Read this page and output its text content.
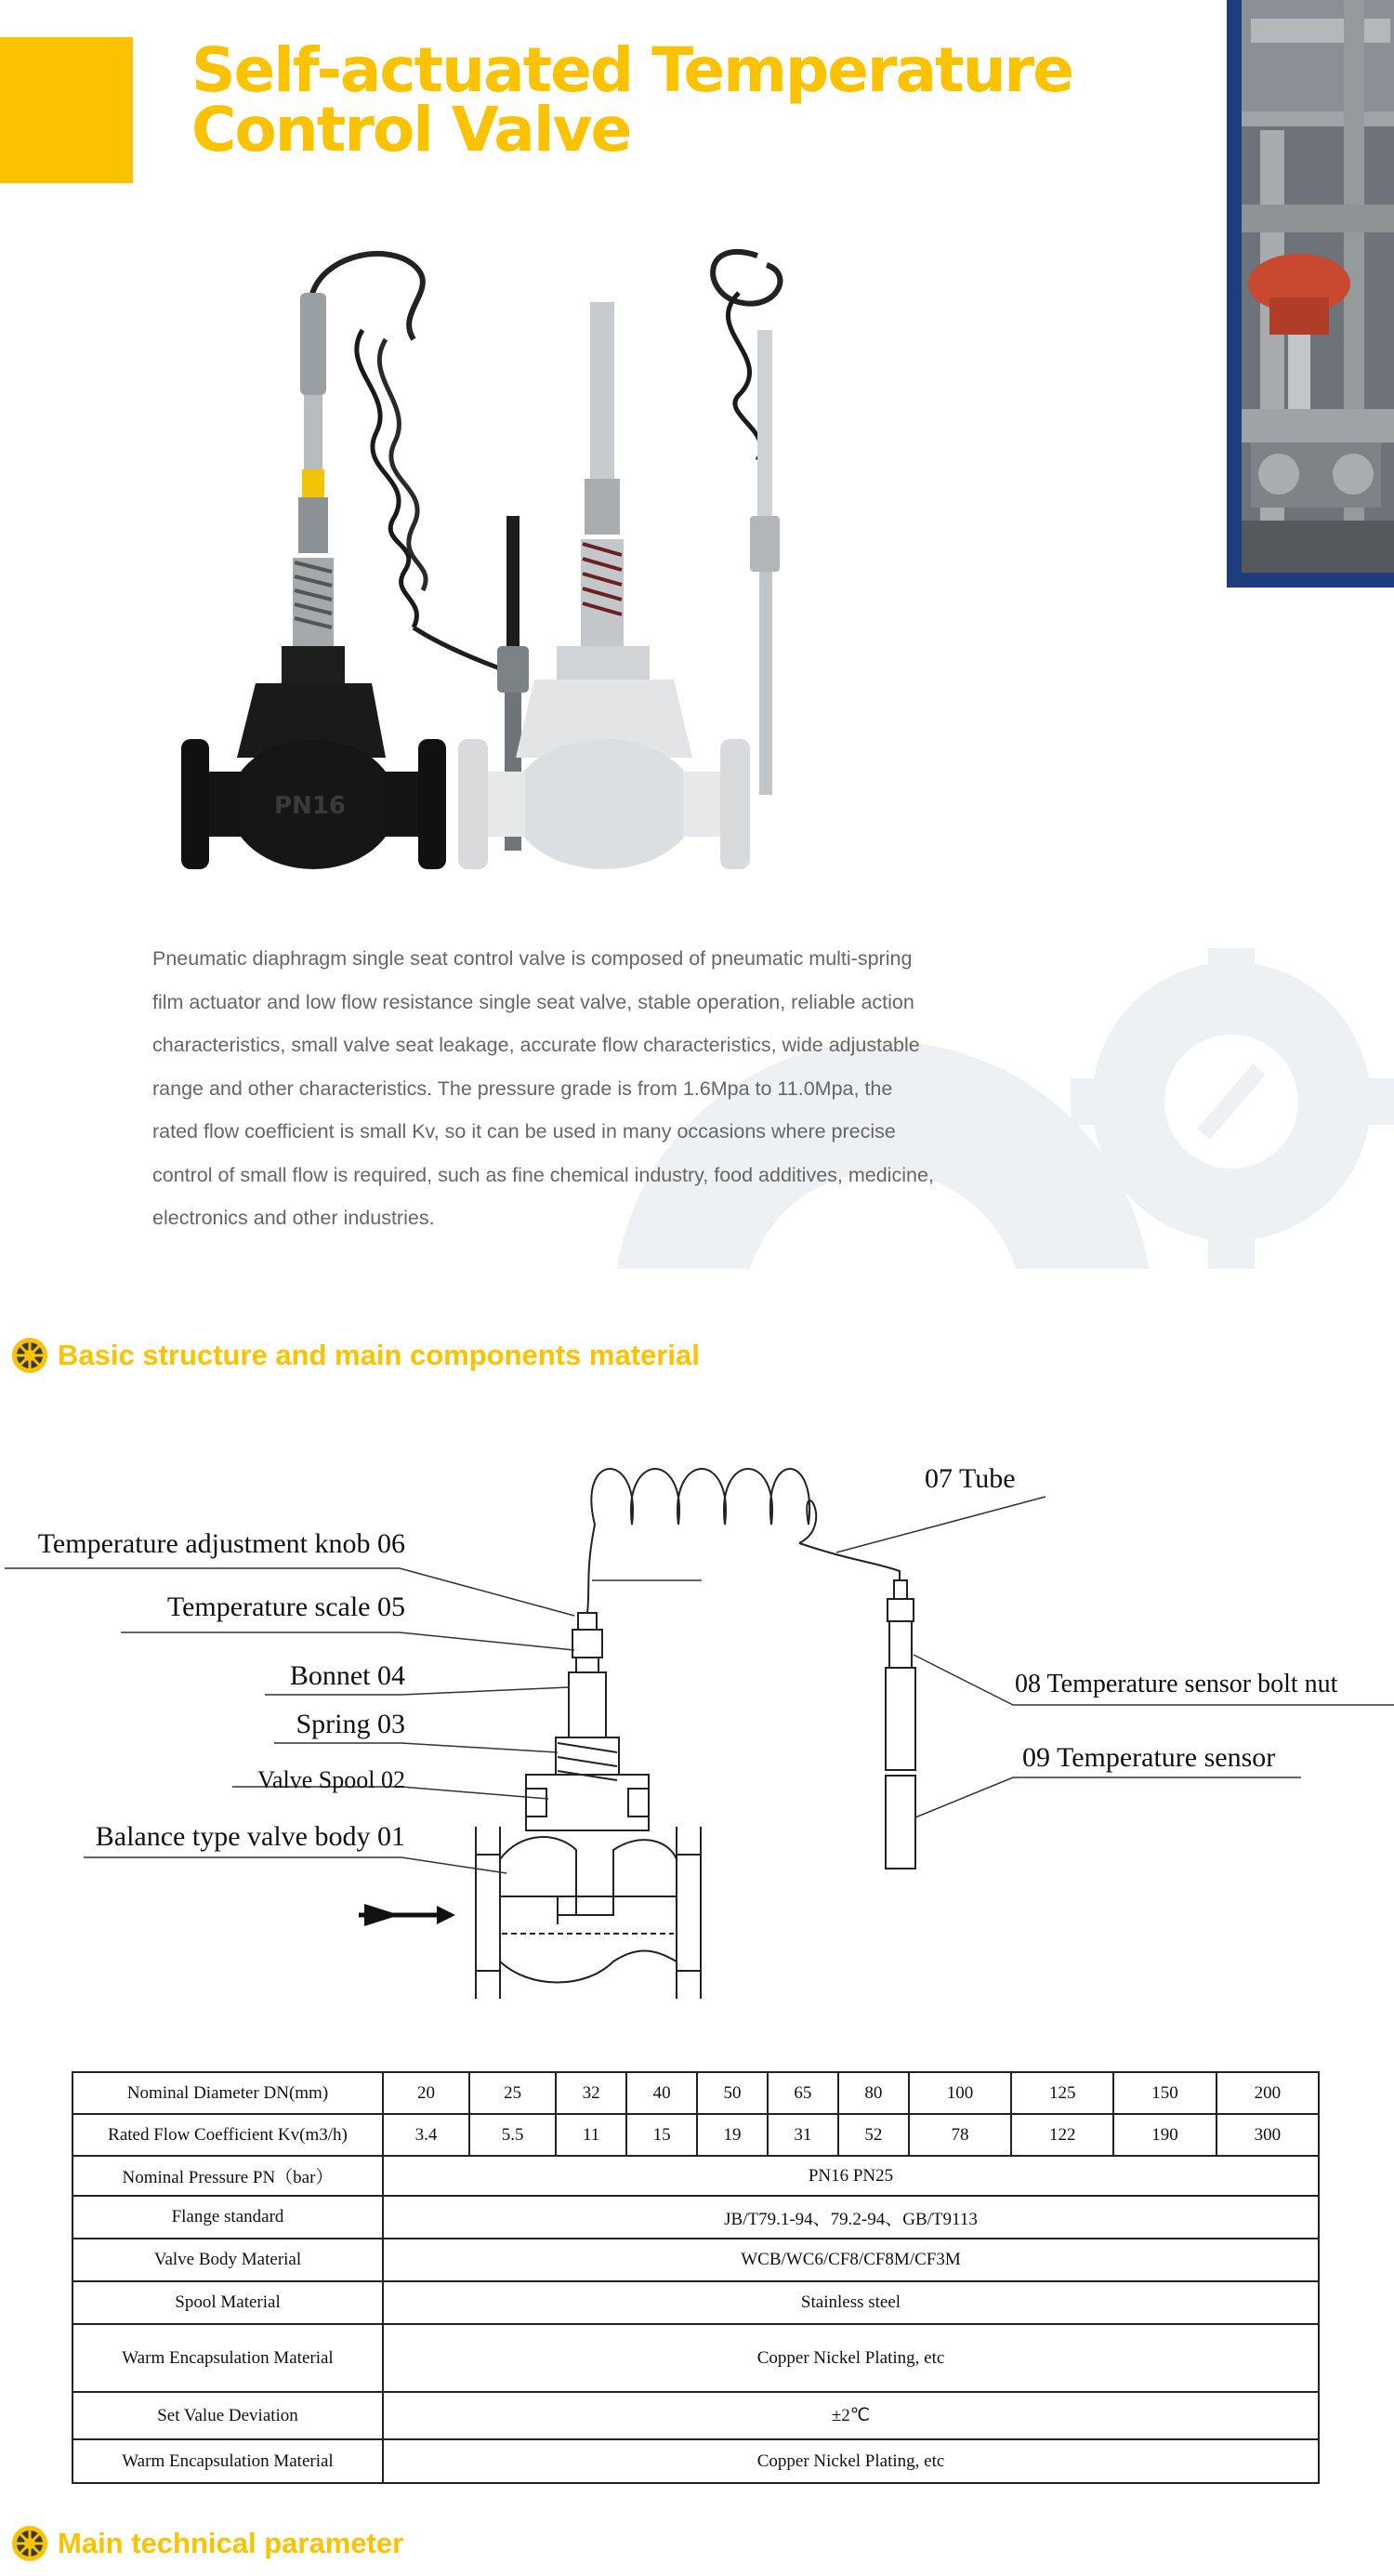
Self-actuated Temperature
Control Valve
PN16

Pneumatic diaphragm single seat control valve is composed of pneumatic multi-spring
film actuator and low flow resistance single seat valve, stable operation, reliable action
characteristics, small valve seat leakage, accurate flow characteristics, wide adjustable
range and other characteristics. The pressure grade is from 1.6Mpa to 11.0Mpa, the
rated flow coefficient is small Kv, so it can be used in many occasions where precise
control of small flow is required, such as fine chemical industry, food additives, medicine,
electronics and other industries.

Basic structure and main components material
07 Tube
Temperature adjustment knob 06
Temperature scale 05
Bonnet 04
Spring 03
Valve Spool 02
Balance type valve body 01
08 Temperature sensor bolt nut
09 Temperature sensor
Nominal Diameter DN(mm)	20	25	32	40	50	65	80	100	125	150	200
Rated Flow Coefficient Kv(m3/h)	3.4	5.5	11	15	19	31	52	78	122	190	300
Nominal Pressure PN（bar）	PN16 PN25										
Flange standard	JB/T79.1-94、79.2-94、GB/T9113										
Valve Body Material	WCB/WC6/CF8/CF8M/CF3M										
Spool Material	Stainless steel										
Warm Encapsulation Material	Copper Nickel Plating, etc										
Set Value Deviation	±2℃										
Warm Encapsulation Material	Copper Nickel Plating, etc										
Main technical parameter
